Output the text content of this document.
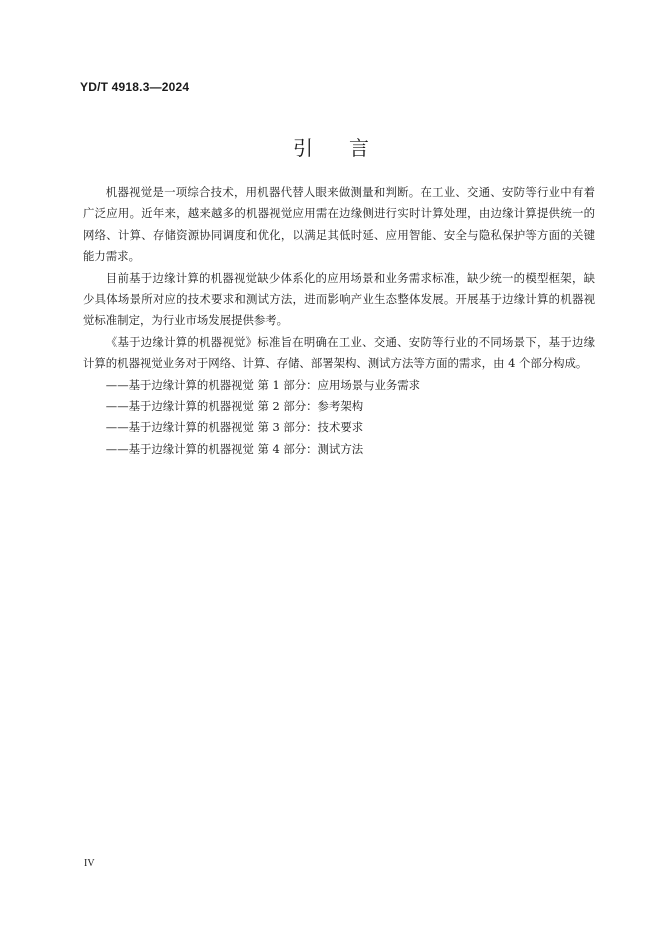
YD/T 4918.3—2024
引言

机器视觉是一项综合技术，用机器代替人眼来做测量和判断。在工业、交通、安防等行业中有着广泛应用。近年来，越来越多的机器视觉应用需在边缘侧进行实时计算处理，由边缘计算提供统一的网络、计算、存储资源协同调度和优化，以满足其低时延、应用智能、安全与隐私保护等方面的关键能力需求。

目前基于边缘计算的机器视觉缺少体系化的应用场景和业务需求标准，缺少统一的模型框架，缺少具体场景所对应的技术要求和测试方法，进而影响产业生态整体发展。开展基于边缘计算的机器视觉标准制定，为行业市场发展提供参考。

《基于边缘计算的机器视觉》标准旨在明确在工业、交通、安防等行业的不同场景下，基于边缘计算的机器视觉业务对于网络、计算、存储、部署架构、测试方法等方面的需求，由 4 个部分构成。

——基于边缘计算的机器视觉 第 1 部分：应用场景与业务需求
——基于边缘计算的机器视觉 第 2 部分：参考架构
——基于边缘计算的机器视觉 第 3 部分：技术要求
——基于边缘计算的机器视觉 第 4 部分：测试方法
IV
